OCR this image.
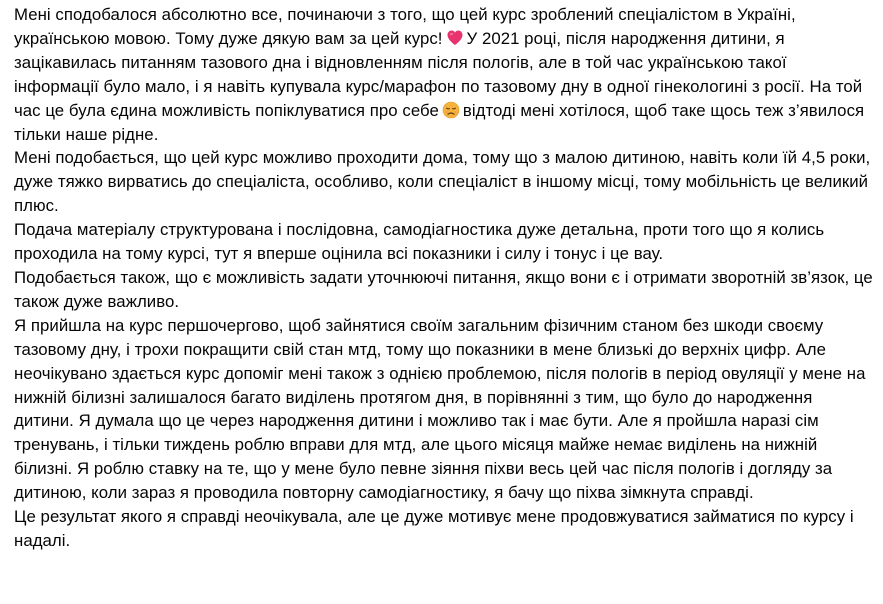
Мені сподобалося абсолютно все, починаючи з того, що цей курс зроблений спеціалістом в Україні, українською мовою. Тому дуже дякую вам за цей курс! У 2021 році, після народження дитини, я зацікавилась питанням тазового дна і відновленням після пологів, але в той час українською такої інформації було мало, і я навіть купувала курс/марафон по тазовому дну в одної гінекологині з росії. На той час це була єдина можливість попіклуватися про себе відтоді мені хотілося, щоб таке щось теж з’явилося тільки наше рідне.

Мені подобається, що цей курс можливо проходити дома, тому що з малою дитиною, навіть коли їй 4,5 роки, дуже тяжко вирватись до спеціаліста, особливо, коли спеціаліст в іншому місці, тому мобільність це великий плюс.

Подача матеріалу структурована і послідовна, самодіагностика дуже детальна, проти того що я колись проходила на тому курсі, тут я вперше оцінила всі показники і силу і тонус і це вау.

Подобається також, що є можливість задати уточнюючі питання, якщо вони є і отримати зворотній зв’язок, це також дуже важливо.

Я прийшла на курс першочергово, щоб зайнятися своїм загальним фізичним станом без шкоди своєму тазовому дну, і трохи покращити свій стан мтд, тому що показники в мене близькі до верхніх цифр. Але неочікувано здається курс допоміг мені також з однією проблемою, після пологів в період овуляції у мене на нижній білизні залишалося багато виділень протягом дня, в порівнянні з тим, що було до народження дитини. Я думала що це через народження дитини і можливо так і має бути. Але я пройшла наразі сім тренувань, і тільки тиждень роблю вправи для мтд, але цього місяця майже немає виділень на нижній білизні. Я роблю ставку на те, що у мене було певне зіяння піхви весь цей час після пологів і догляду за дитиною, коли зараз я проводила повторну самодіагностику, я бачу що піхва зімкнута справді.

Це результат якого я справді неочікувала, але це дуже мотивує мене продовжуватися займатися по курсу і надалі.
